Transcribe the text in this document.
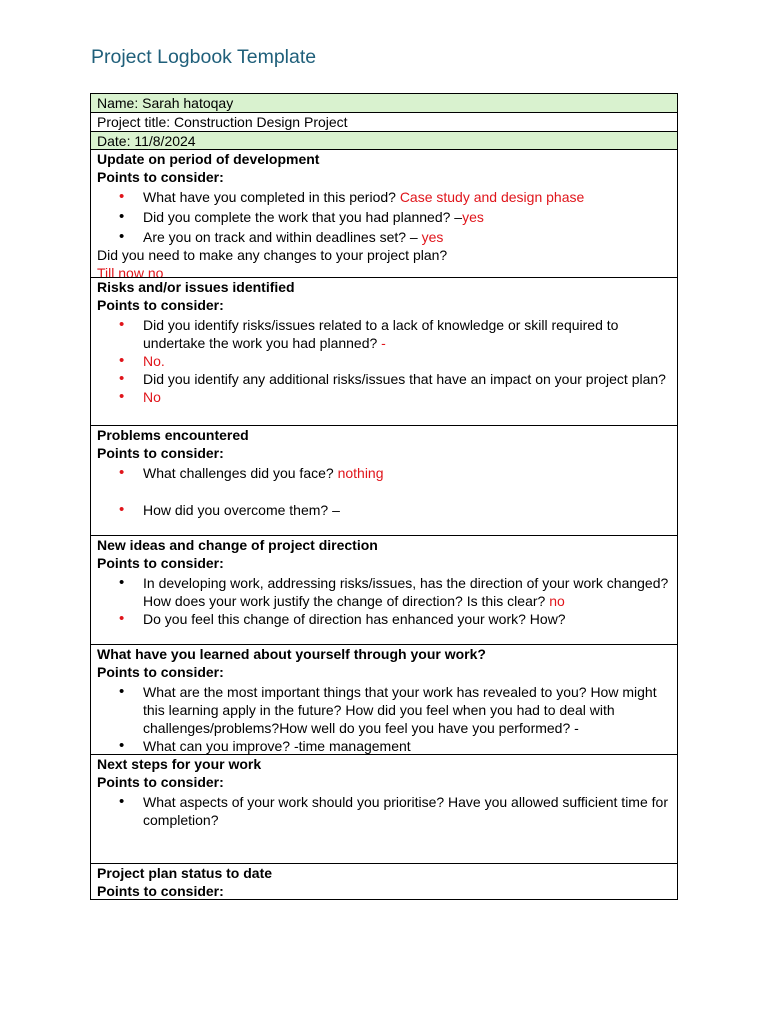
Project Logbook Template
Name: Sarah hatoqay
Project title: Construction Design Project
Date: 11/8/2024
Update on period of development
Points to consider:
• What have you completed in this period? Case study and design phase
• Did you complete the work that you had planned? –yes
• Are you on track and within deadlines set? – yes
Did you need to make any changes to your project plan?
Till now no
Risks and/or issues identified
Points to consider:
• Did you identify risks/issues related to a lack of knowledge or skill required to undertake the work you had planned? -
• No.
• Did you identify any additional risks/issues that have an impact on your project plan?
• No
Problems encountered
Points to consider:
• What challenges did you face? nothing
• How did you overcome them? –
New ideas and change of project direction
Points to consider:
• In developing work, addressing risks/issues, has the direction of your work changed? How does your work justify the change of direction? Is this clear? no
• Do you feel this change of direction has enhanced your work? How?
What have you learned about yourself through your work?
Points to consider:
• What are the most important things that your work has revealed to you? How might this learning apply in the future? How did you feel when you had to deal with challenges/problems?How well do you feel you have you performed? -
• What can you improve? -time management
Next steps for your work
Points to consider:
• What aspects of your work should you prioritise? Have you allowed sufficient time for completion?
Project plan status to date
Points to consider:
